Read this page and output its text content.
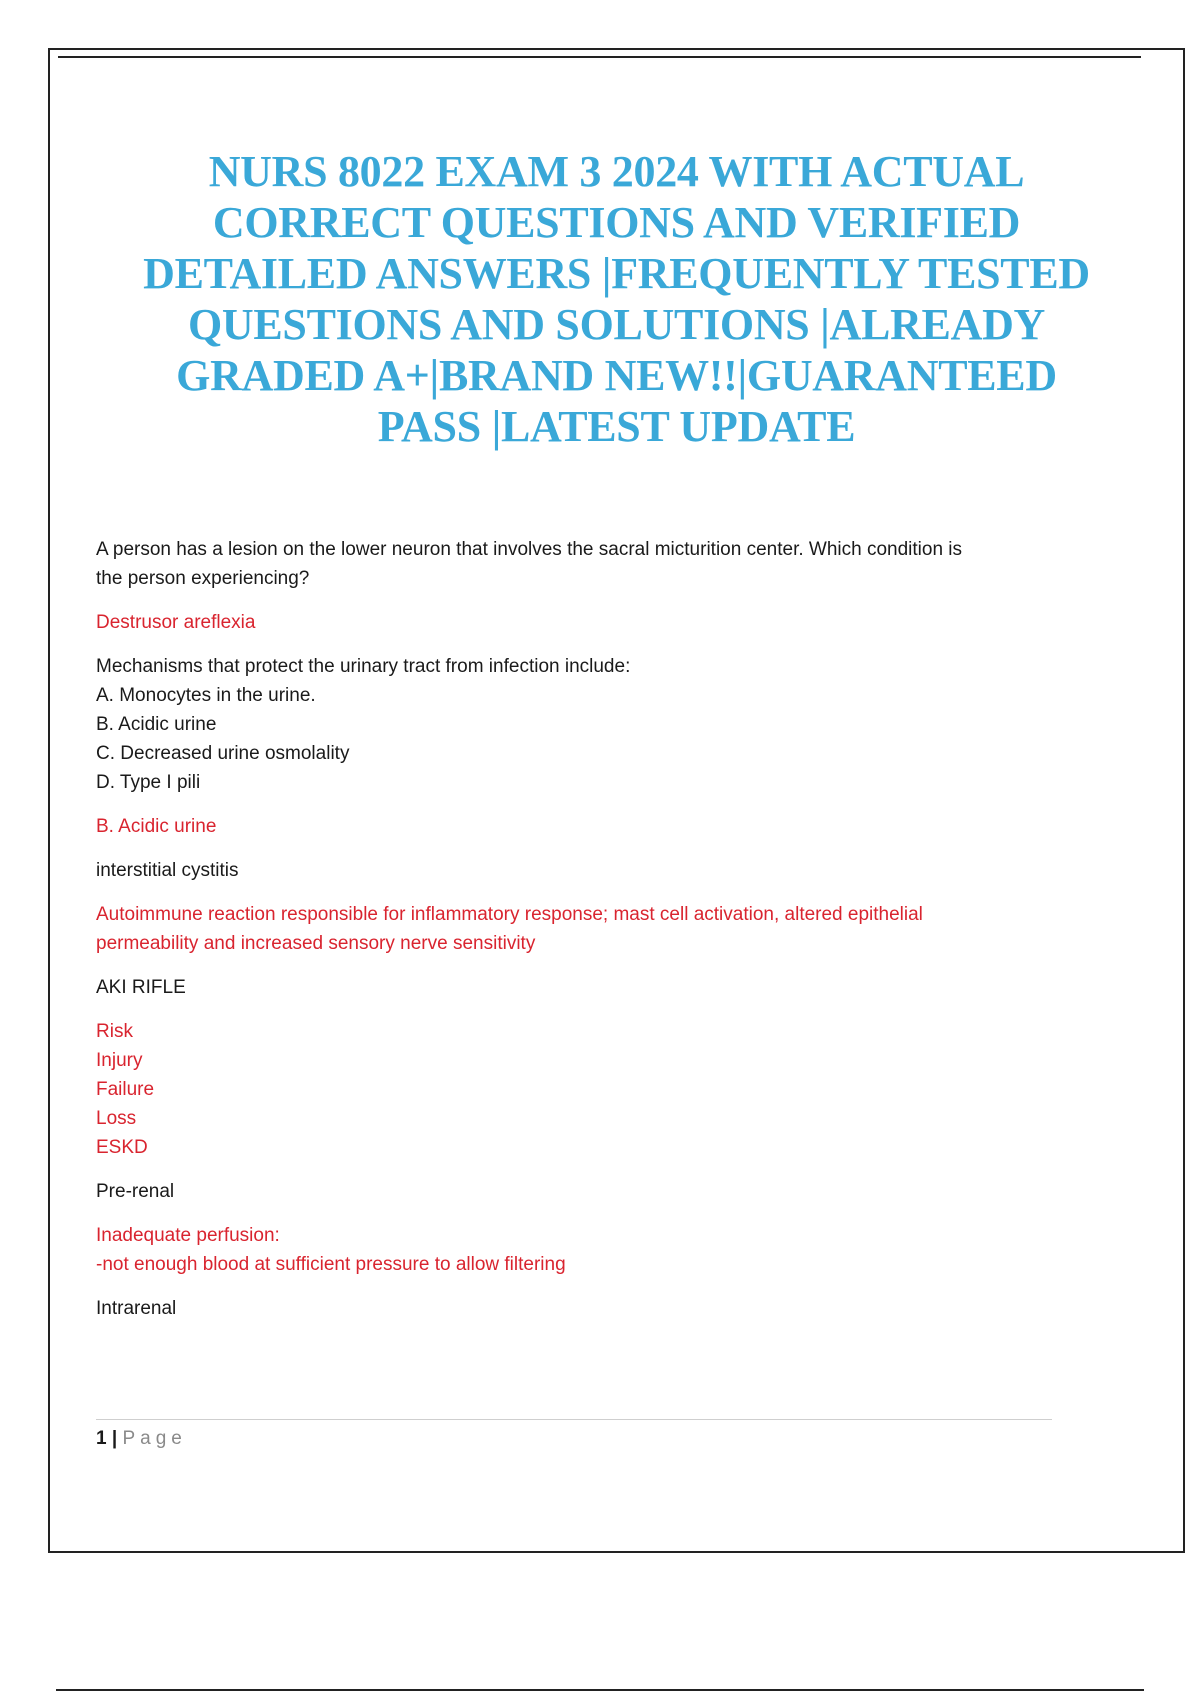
NURS 8022 EXAM 3 2024 WITH ACTUAL
CORRECT QUESTIONS AND VERIFIED
DETAILED ANSWERS |FREQUENTLY TESTED
QUESTIONS AND SOLUTIONS |ALREADY
GRADED A+|BRAND NEW!!|GUARANTEED
PASS |LATEST UPDATE
A person has a lesion on the lower neuron that involves the sacral micturition center. Which condition is
the person experiencing?
Destrusor areflexia
Mechanisms that protect the urinary tract from infection include:
A. Monocytes in the urine.
B. Acidic urine
C. Decreased urine osmolality
D. Type I pili
B. Acidic urine
interstitial cystitis
Autoimmune reaction responsible for inflammatory response; mast cell activation, altered epithelial
permeability and increased sensory nerve sensitivity
AKI RIFLE
Risk
Injury
Failure
Loss
ESKD
Pre-renal
Inadequate perfusion:
-not enough blood at sufficient pressure to allow filtering
Intrarenal
1 | Page
